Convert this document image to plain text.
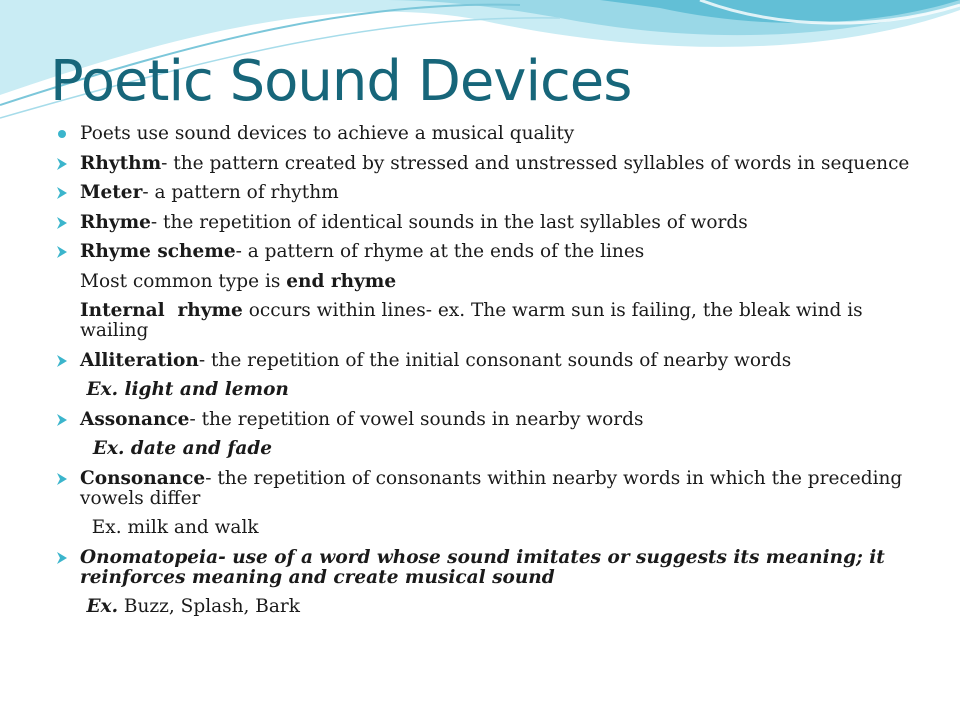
Poetic Sound Devices
Poets use sound devices to achieve a musical quality
Rhythm- the pattern created by stressed and unstressed syllables of words in sequence
Meter- a pattern of rhythm
Rhyme- the repetition of identical sounds in the last syllables of words
Rhyme scheme- a pattern of rhyme at the ends of the lines
Most common type is end rhyme
Internal  rhyme occurs within lines- ex. The warm sun is failing, the bleak wind is wailing
Alliteration- the repetition of the initial consonant sounds of nearby words
Ex. light and lemon
Assonance- the repetition of vowel sounds in nearby words
Ex. date and fade
Consonance- the repetition of consonants within nearby words in which the preceding vowels differ
Ex. milk and walk
Onomatopeia- use of a word whose sound imitates or suggests its meaning; it reinforces meaning and create musical sound
Ex. Buzz, Splash, Bark
